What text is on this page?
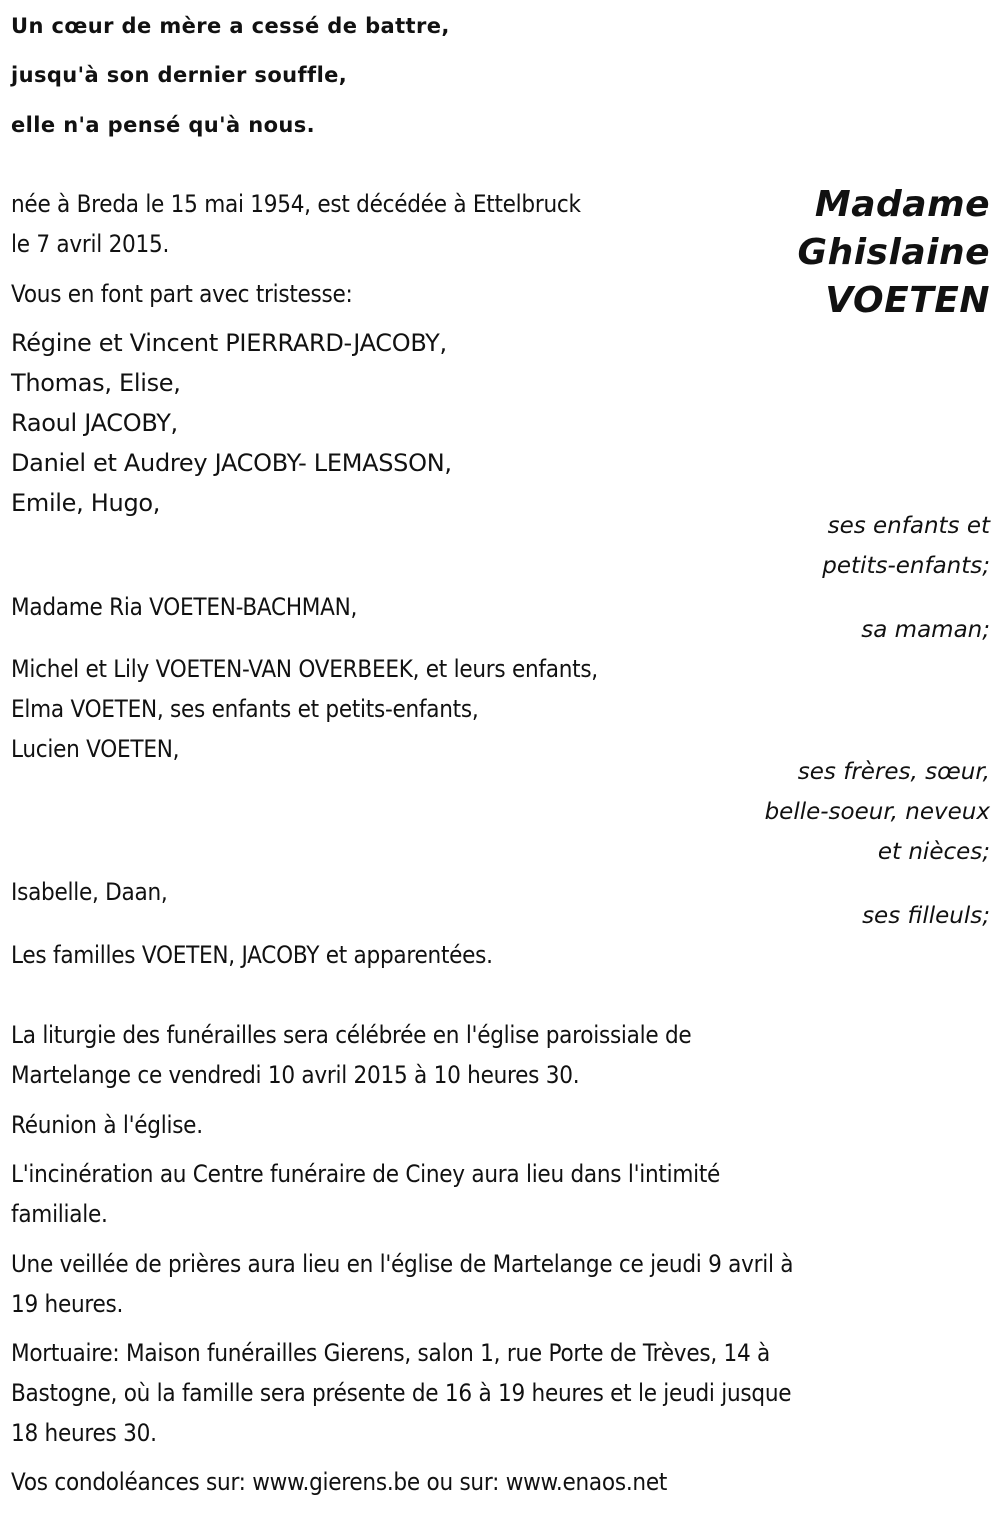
Un cœur de mère a cessé de battre,
jusqu'à son dernier souffle,
elle n'a pensé qu'à nous.
Madame
Ghislaine
VOETEN
née à Breda le 15 mai 1954, est décédée à Ettelbruck
le 7 avril 2015.
Vous en font part avec tristesse:
Régine et Vincent PIERRARD-JACOBY,
Thomas, Elise,
Raoul JACOBY,
Daniel et Audrey JACOBY- LEMASSON,
Emile, Hugo,
ses enfants et
petits-enfants;
Madame Ria VOETEN-BACHMAN,
sa maman;
Michel et Lily VOETEN-VAN OVERBEEK, et leurs enfants,
Elma VOETEN, ses enfants et petits-enfants,
Lucien VOETEN,
ses frères, sœur,
belle-soeur, neveux
et nièces;
Isabelle, Daan,
ses filleuls;
Les familles VOETEN, JACOBY et apparentées.
La liturgie des funérailles sera célébrée en l'église paroissiale de
Martelange ce vendredi 10 avril 2015 à 10 heures 30.
Réunion à l'église.
L'incinération au Centre funéraire de Ciney aura lieu dans l'intimité
familiale.
Une veillée de prières aura lieu en l'église de Martelange ce jeudi 9 avril à
19 heures.
Mortuaire: Maison funérailles Gierens, salon 1, rue Porte de Trèves, 14 à
Bastogne, où la famille sera présente de 16 à 19 heures et le jeudi jusque
18 heures 30.
Vos condoléances sur: www.gierens.be ou sur: www.enaos.net
